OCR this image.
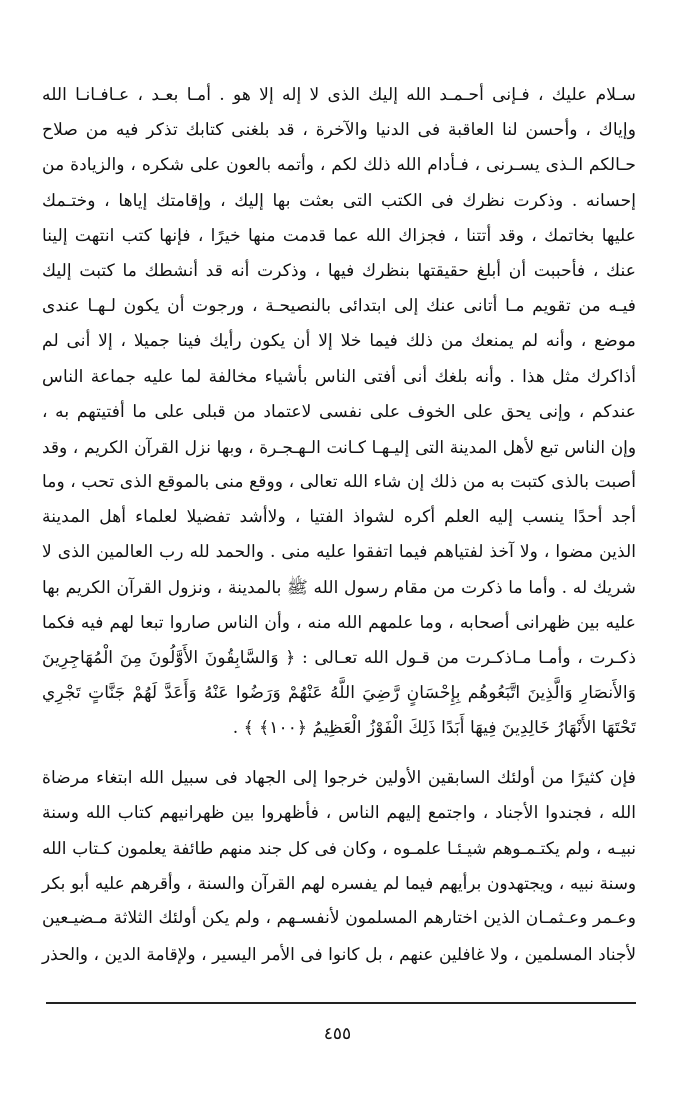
سـلام عليك ، فـإنى أحـمـد الله إليك الذى لا إله إلا هو . أمـا بعـد ، عـافـانـا الله
وإياك ، وأحسن لنا العاقبة فى الدنيا والآخرة ، قد بلغنى كتابك تذكر فيه من صلاح
حـالكم الـذى يسـرنى ، فـأدام الله ذلك لكم ، وأتمه بالعون على شكره ، والزيادة من
إحسانه . وذكرت نظرك فى الكتب التى بعثت بها إليك ، وإقامتك إياها ، وختـمك
عليها بخاتمك ، وقد أتتنا ، فجزاك الله عما قدمت منها خيرًا ، فإنها كتب انتهت إلينا
عنك ، فأحببت أن أبلغ حقيقتها بنظرك فيها ، وذكرت أنه قد أنشطك ما كتبت إليك
فيـه من تقويم مـا أتانى عنك إلى ابتدائى بالنصيحـة ، ورجوت أن يكون لـهـا عندى
موضع ، وأنه لم يمنعك من ذلك فيما خلا إلا أن يكون رأيك فينا جميلا ، إلا أنى لم
أذاكرك مثل هذا . وأنه بلغك أنى أفتى الناس بأشياء مخالفة لما عليه جماعة الناس
عندكم ، وإنى يحق على الخوف على نفسى لاعتماد من قبلى على ما أفتيتهم به ،
وإن الناس تبع لأهل المدينة التى إليـهـا كـانت الـهـجـرة ، وبها نزل القرآن الكريم ، وقد
أصبت بالذى كتبت به من ذلك إن شاء الله تعالى ، ووقع منى بالموقع الذى تحب ، وما
أجد أحدًا ينسب إليه العلم أكره لشواذ الفتيا ، ولاأشد تفضيلا لعلماء أهل المدينة
الذين مضوا ، ولا آخذ لفتياهم فيما اتفقوا عليه منى . والحمد لله رب العالمين الذى لا
شريك له . وأما ما ذكرت من مقام رسول الله ﷺ بالمدينة ، ونزول القرآن الكريم بها
عليه بين ظهرانى أصحابه ، وما علمهم الله منه ، وأن الناس صاروا تبعا لهم فيه فكما
ذكـرت ، وأمـا مـاذكـرت من قـول الله تعـالى : ﴿ وَالسَّابِقُونَ الأَوَّلُونَ مِنَ الْمُهَاجِرِينَ
وَالأَنصَارِ وَالَّذِينَ اتَّبَعُوهُم بِإِحْسَانٍ رَّضِيَ اللَّهُ عَنْهُمْ وَرَضُوا عَنْهُ وَأَعَدَّ لَهُمْ جَنَّاتٍ تَجْرِي
تَحْتَهَا الأَنْهَارُ خَالِدِينَ فِيهَا أَبَدًا ذَلِكَ الْفَوْزُ الْعَظِيمُ ﴿١٠٠﴾ ﴾ .
فإن كثيرًا من أولئك السابقين الأولين خرجوا إلى الجهاد فى سبيل الله ابتغاء مرضاة
الله ، فجندوا الأجناد ، واجتمع إليهم الناس ، فأظهروا بين ظهرانيهم كتاب الله وسنة
نبيـه ، ولم يكتـمـوهم شيـئـا علمـوه ، وكان فى كل جند منهم طائفة يعلمون كـتاب الله
وسنة نبيه ، ويجتهدون برأيهم فيما لم يفسره لهم القرآن والسنة ، وأقرهم عليه أبو بكر
وعـمر وعـثمـان الذين اختارهم المسلمون لأنفسـهم ، ولم يكن أولئك الثلاثة مـضيـعين
لأجناد المسلمين ، ولا غافلين عنهم ، بل كانوا فى الأمر اليسير ، ولإقامة الدين ، والحذر
٤٥٥
